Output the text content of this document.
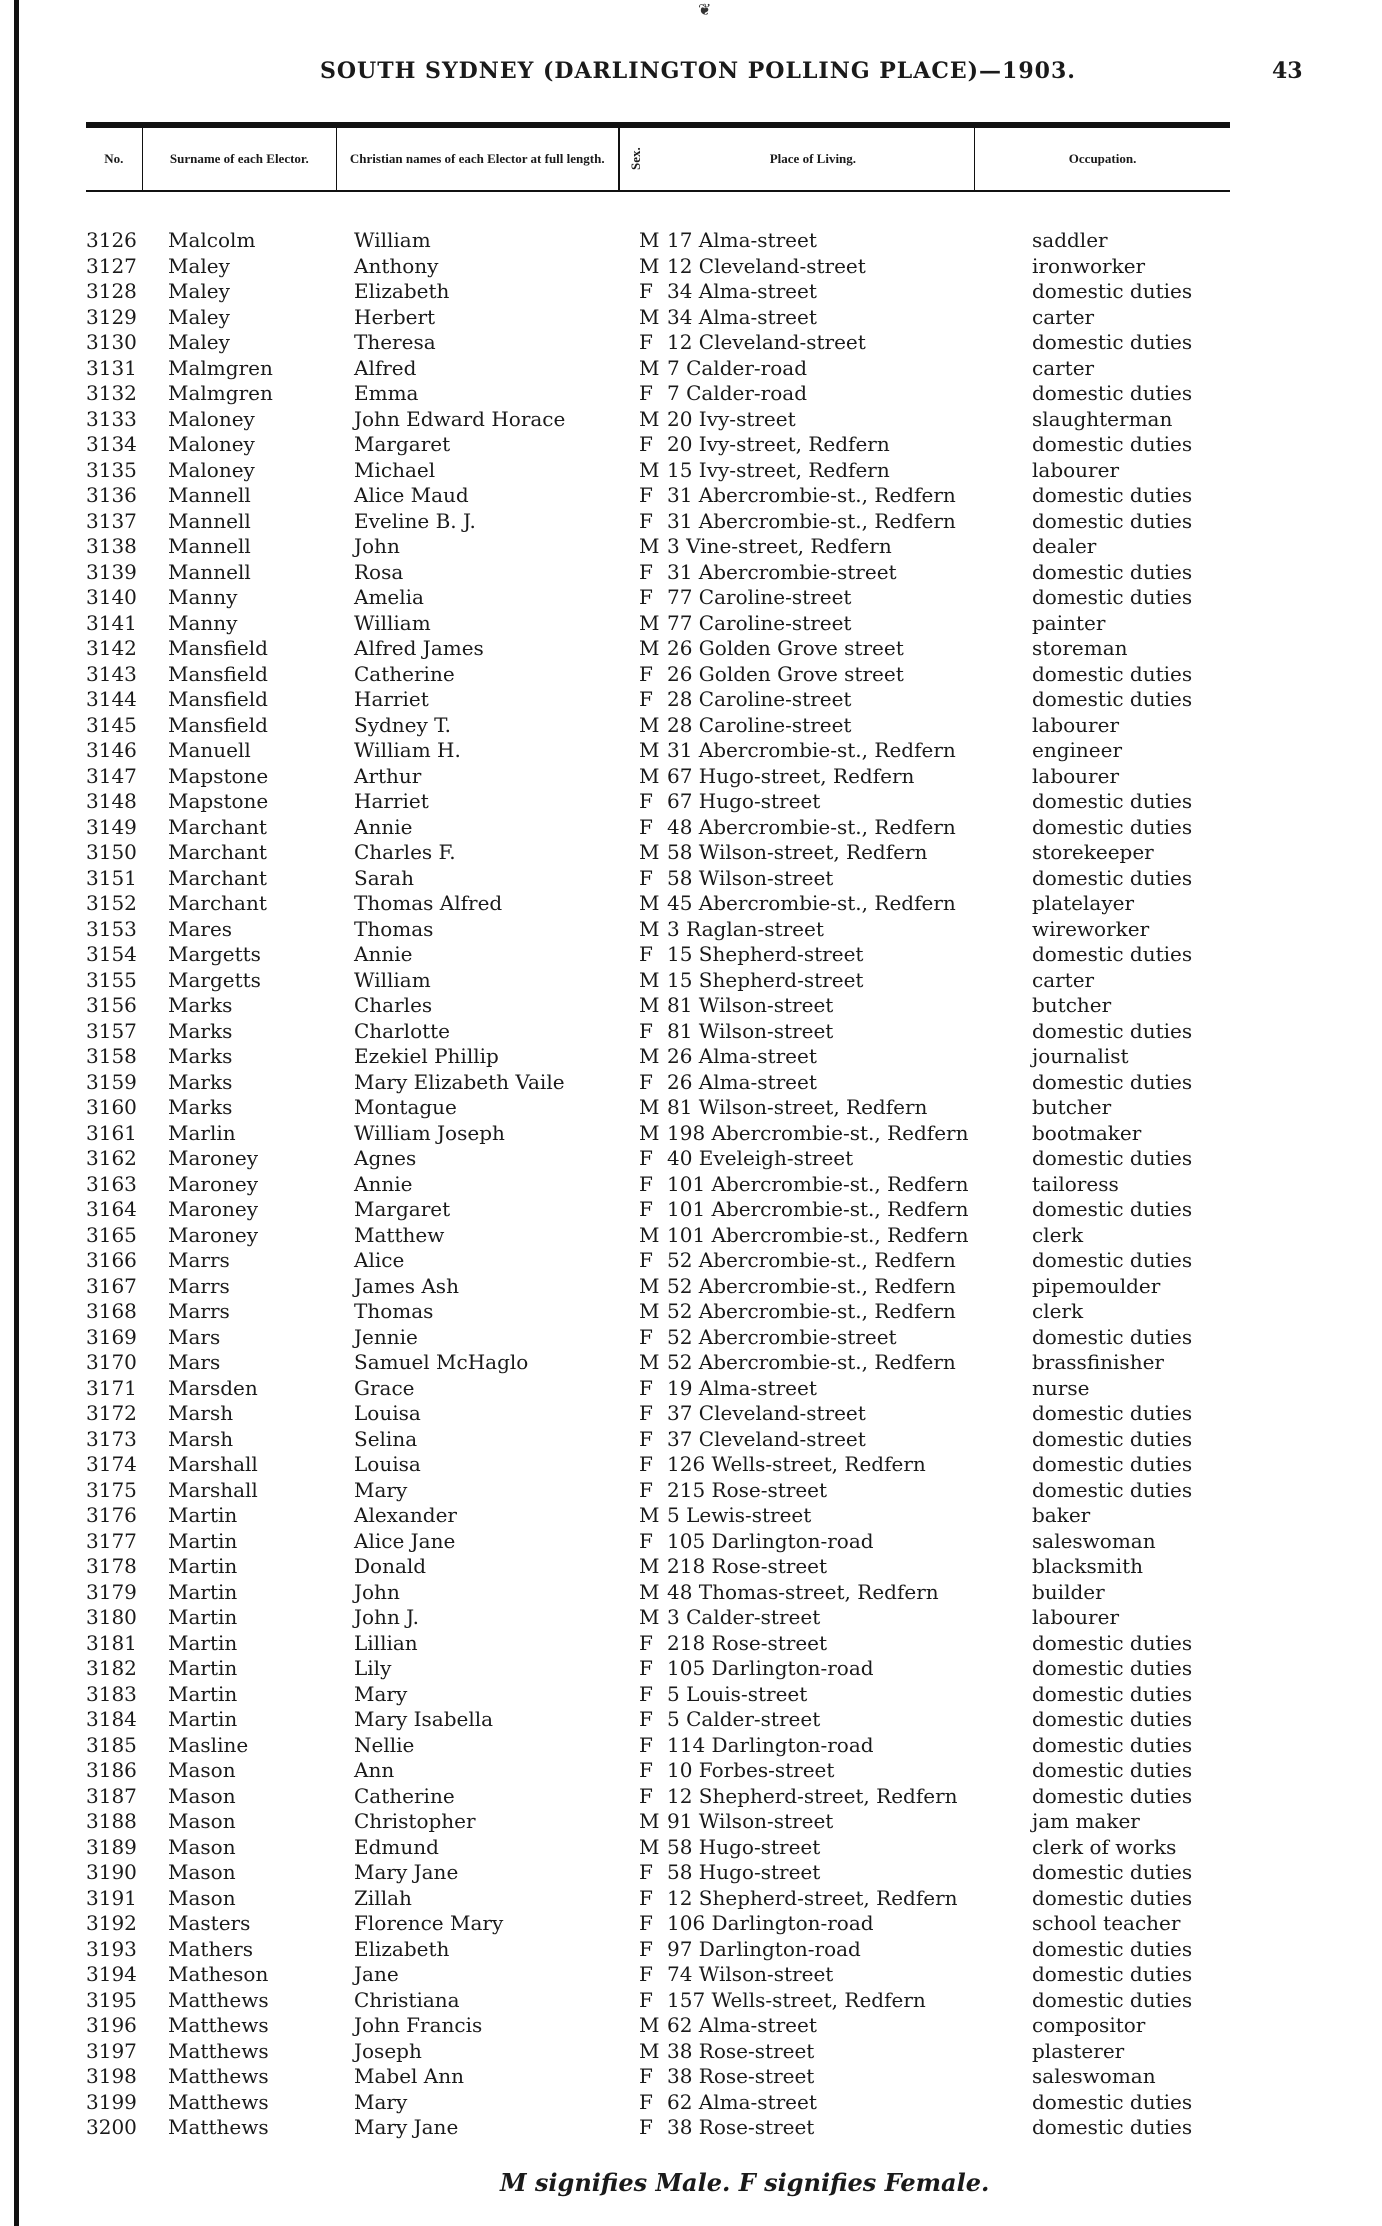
❦
SOUTH SYDNEY (DARLINGTON POLLING PLACE)—1903.	43
No.	Surname of each Elector.	Christian names of each Elector at full length.	Sex.	Place of Living.	Occupation.
3126	Malcolm	William	M 17 Alma-street	saddler
3127	Maley	Anthony	M 12 Cleveland-street	ironworker
3128	Maley	Elizabeth	F 34 Alma-street	domestic duties
3129	Maley	Herbert	M 34 Alma-street	carter
3130	Maley	Theresa	F 12 Cleveland-street	domestic duties
3131	Malmgren	Alfred	M 7 Calder-road	carter
3132	Malmgren	Emma	F 7 Calder-road	domestic duties
3133	Maloney	John Edward Horace	M 20 Ivy-street	slaughterman
3134	Maloney	Margaret	F 20 Ivy-street, Redfern	domestic duties
3135	Maloney	Michael	M 15 Ivy-street, Redfern	labourer
3136	Mannell	Alice Maud	F 31 Abercrombie-st., Redfern	domestic duties
3137	Mannell	Eveline B. J.	F 31 Abercrombie-st., Redfern	domestic duties
3138	Mannell	John	M 3 Vine-street, Redfern	dealer
3139	Mannell	Rosa	F 31 Abercrombie-street	domestic duties
3140	Manny	Amelia	F 77 Caroline-street	domestic duties
3141	Manny	William	M 77 Caroline-street	painter
3142	Mansfield	Alfred James	M 26 Golden Grove street	storeman
3143	Mansfield	Catherine	F 26 Golden Grove street	domestic duties
3144	Mansfield	Harriet	F 28 Caroline-street	domestic duties
3145	Mansfield	Sydney T.	M 28 Caroline-street	labourer
3146	Manuell	William H.	M 31 Abercrombie-st., Redfern	engineer
3147	Mapstone	Arthur	M 67 Hugo-street, Redfern	labourer
3148	Mapstone	Harriet	F 67 Hugo-street	domestic duties
3149	Marchant	Annie	F 48 Abercrombie-st., Redfern	domestic duties
3150	Marchant	Charles F.	M 58 Wilson-street, Redfern	storekeeper
3151	Marchant	Sarah	F 58 Wilson-street	domestic duties
3152	Marchant	Thomas Alfred	M 45 Abercrombie-st., Redfern	platelayer
3153	Mares	Thomas	M 3 Raglan-street	wireworker
3154	Margetts	Annie	F 15 Shepherd-street	domestic duties
3155	Margetts	William	M 15 Shepherd-street	carter
3156	Marks	Charles	M 81 Wilson-street	butcher
3157	Marks	Charlotte	F 81 Wilson-street	domestic duties
3158	Marks	Ezekiel Phillip	M 26 Alma-street	journalist
3159	Marks	Mary Elizabeth Vaile	F 26 Alma-street	domestic duties
3160	Marks	Montague	M 81 Wilson-street, Redfern	butcher
3161	Marlin	William Joseph	M 198 Abercrombie-st., Redfern	bootmaker
3162	Maroney	Agnes	F 40 Eveleigh-street	domestic duties
3163	Maroney	Annie	F 101 Abercrombie-st., Redfern	tailoress
3164	Maroney	Margaret	F 101 Abercrombie-st., Redfern	domestic duties
3165	Maroney	Matthew	M 101 Abercrombie-st., Redfern	clerk
3166	Marrs	Alice	F 52 Abercrombie-st., Redfern	domestic duties
3167	Marrs	James Ash	M 52 Abercrombie-st., Redfern	pipemoulder
3168	Marrs	Thomas	M 52 Abercrombie-st., Redfern	clerk
3169	Mars	Jennie	F 52 Abercrombie-street	domestic duties
3170	Mars	Samuel McHaglo	M 52 Abercrombie-st., Redfern	brassfinisher
3171	Marsden	Grace	F 19 Alma-street	nurse
3172	Marsh	Louisa	F 37 Cleveland-street	domestic duties
3173	Marsh	Selina	F 37 Cleveland-street	domestic duties
3174	Marshall	Louisa	F 126 Wells-street, Redfern	domestic duties
3175	Marshall	Mary	F 215 Rose-street	domestic duties
3176	Martin	Alexander	M 5 Lewis-street	baker
3177	Martin	Alice Jane	F 105 Darlington-road	saleswoman
3178	Martin	Donald	M 218 Rose-street	blacksmith
3179	Martin	John	M 48 Thomas-street, Redfern	builder
3180	Martin	John J.	M 3 Calder-street	labourer
3181	Martin	Lillian	F 218 Rose-street	domestic duties
3182	Martin	Lily	F 105 Darlington-road	domestic duties
3183	Martin	Mary	F 5 Louis-street	domestic duties
3184	Martin	Mary Isabella	F 5 Calder-street	domestic duties
3185	Masline	Nellie	F 114 Darlington-road	domestic duties
3186	Mason	Ann	F 10 Forbes-street	domestic duties
3187	Mason	Catherine	F 12 Shepherd-street, Redfern	domestic duties
3188	Mason	Christopher	M 91 Wilson-street	jam maker
3189	Mason	Edmund	M 58 Hugo-street	clerk of works
3190	Mason	Mary Jane	F 58 Hugo-street	domestic duties
3191	Mason	Zillah	F 12 Shepherd-street, Redfern	domestic duties
3192	Masters	Florence Mary	F 106 Darlington-road	school teacher
3193	Mathers	Elizabeth	F 97 Darlington-road	domestic duties
3194	Matheson	Jane	F 74 Wilson-street	domestic duties
3195	Matthews	Christiana	F 157 Wells-street, Redfern	domestic duties
3196	Matthews	John Francis	M 62 Alma-street	compositor
3197	Matthews	Joseph	M 38 Rose-street	plasterer
3198	Matthews	Mabel Ann	F 38 Rose-street	saleswoman
3199	Matthews	Mary	F 62 Alma-street	domestic duties
3200	Matthews	Mary Jane	F 38 Rose-street	domestic duties
M signifies Male. F signifies Female.
